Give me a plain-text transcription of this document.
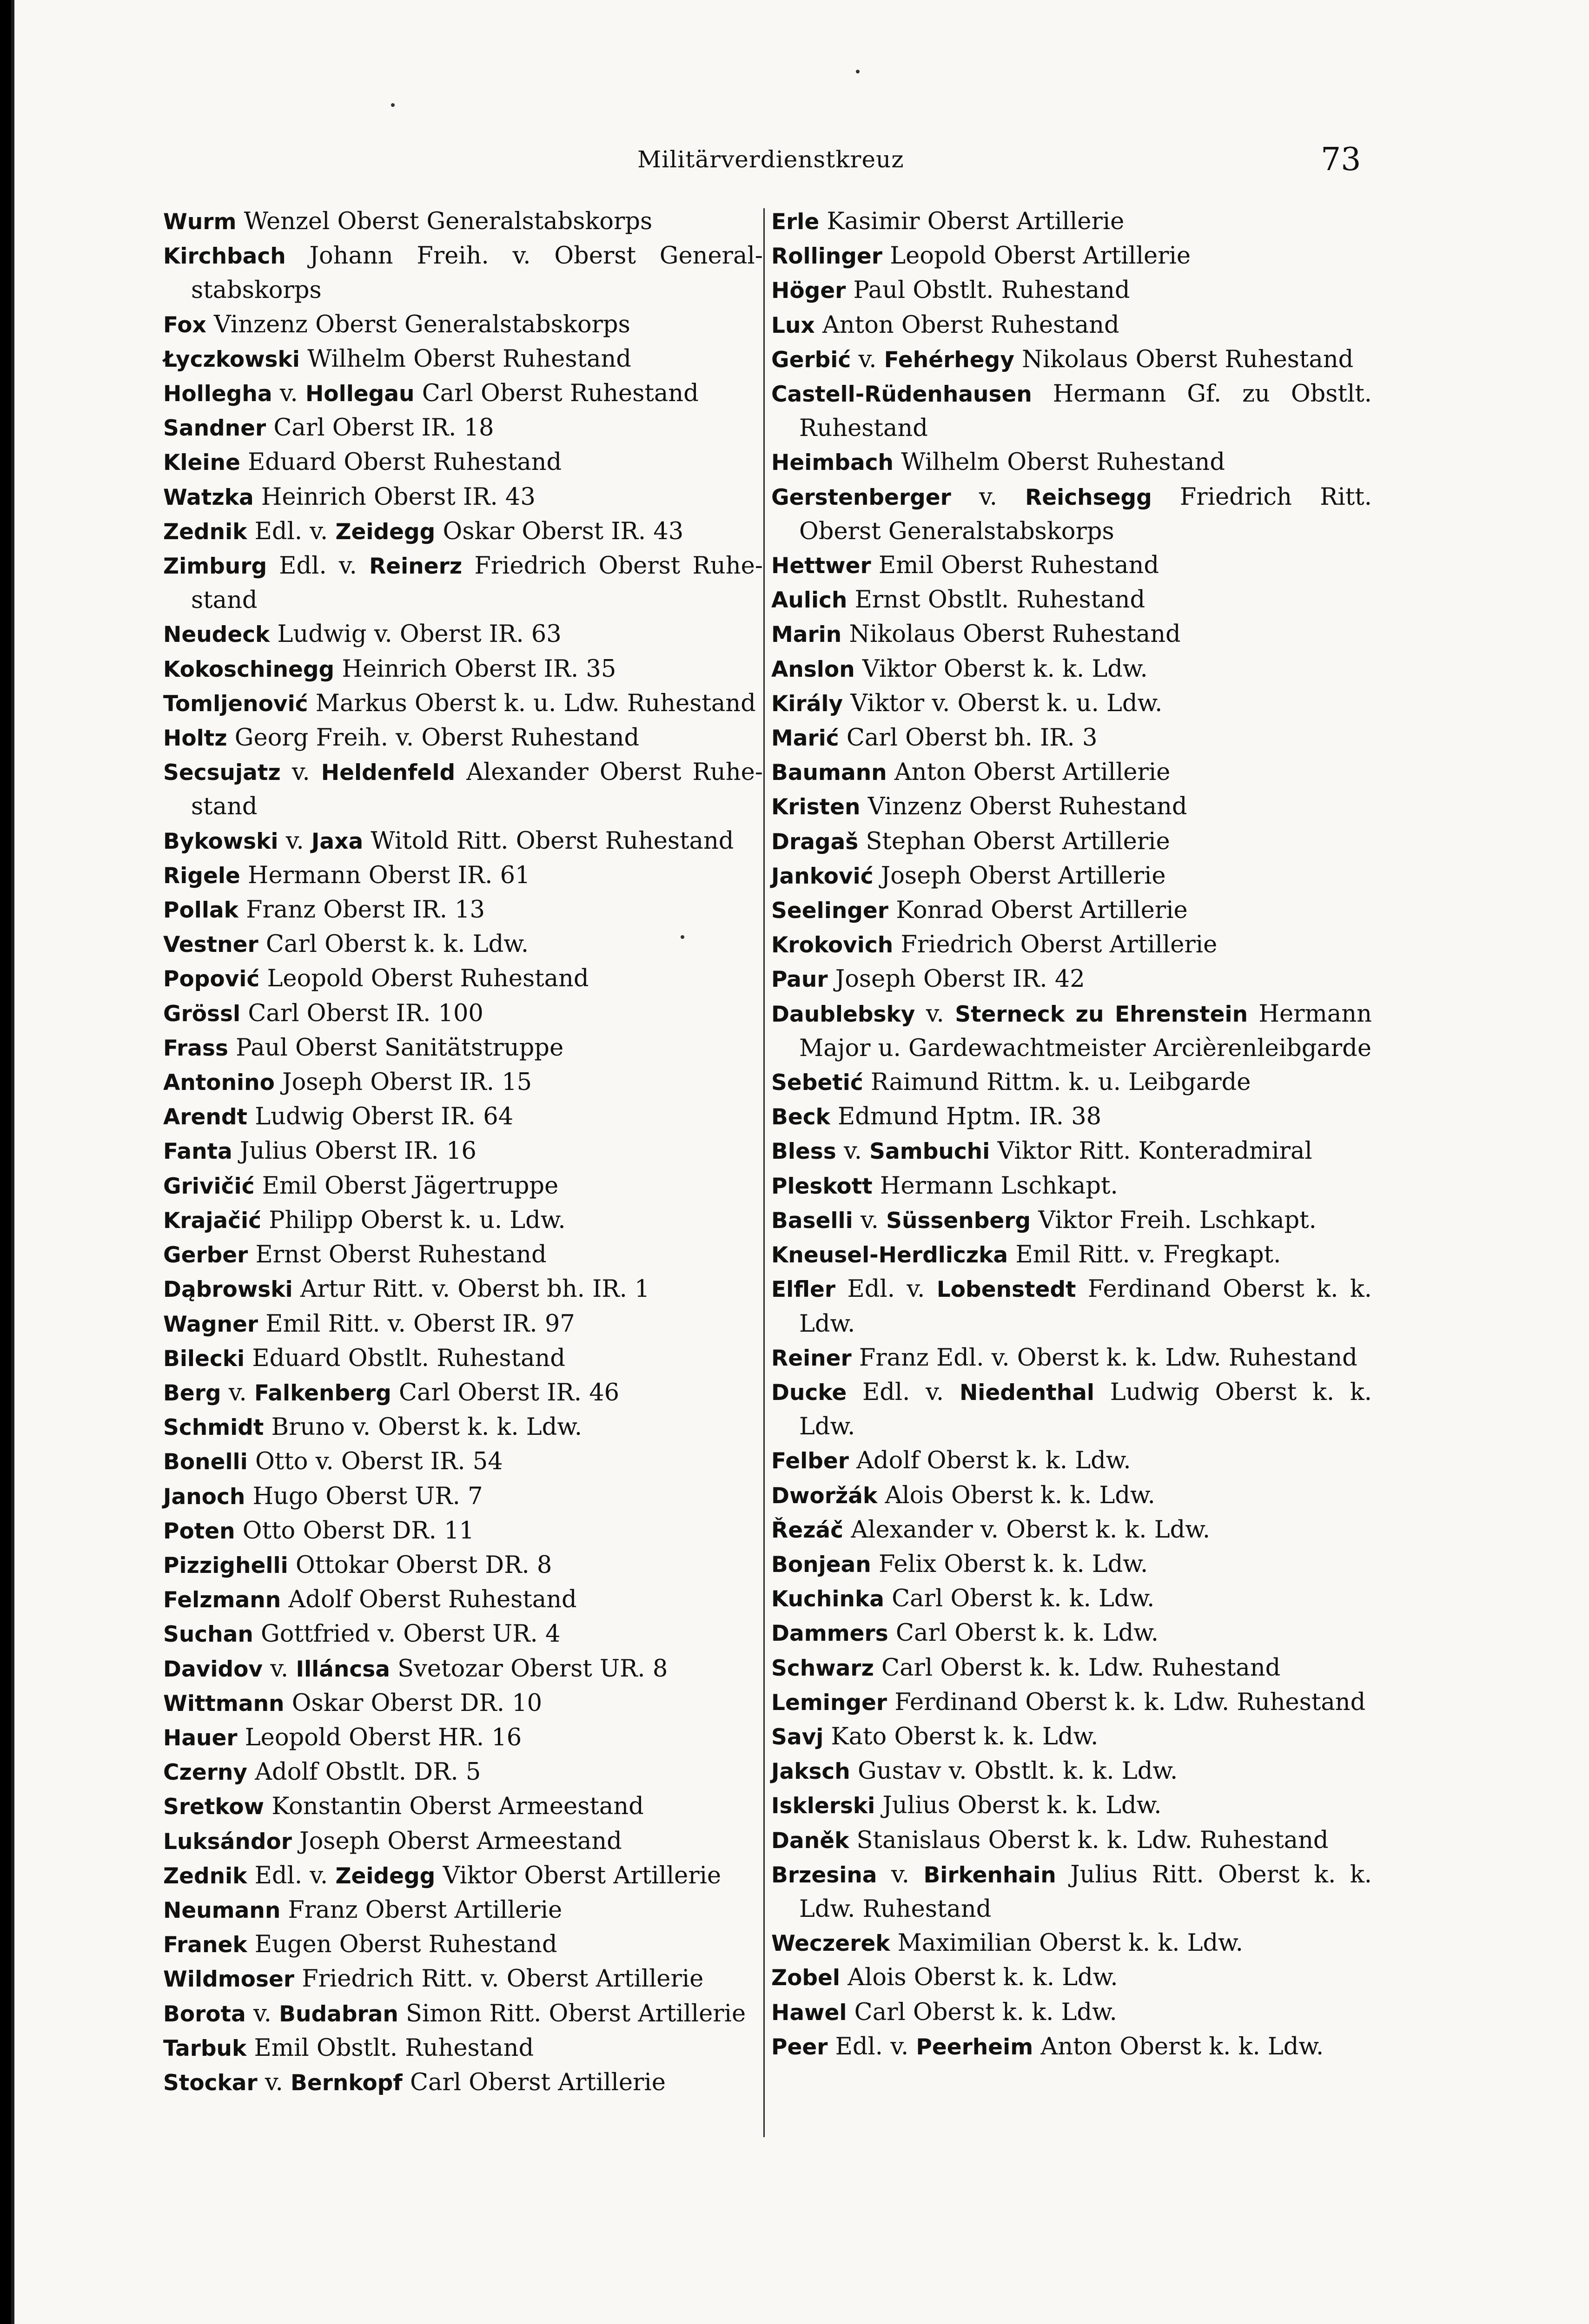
Militärverdienstkreuz	73
Wurm Wenzel Oberst Generalstabskorps
Kirchbach Johann Freih. v. Oberst Generalstabskorps
Fox Vinzenz Oberst Generalstabskorps
Łyczkowski Wilhelm Oberst Ruhestand
Hollegha v. Hollegau Carl Oberst Ruhestand
Sandner Carl Oberst IR. 18
Kleine Eduard Oberst Ruhestand
Watzka Heinrich Oberst IR. 43
Zednik Edl. v. Zeidegg Oskar Oberst IR. 43
Zimburg Edl. v. Reinerz Friedrich Oberst Ruhestand
Neudeck Ludwig v. Oberst IR. 63
Kokoschinegg Heinrich Oberst IR. 35
Tomljenović Markus Oberst k. u. Ldw. Ruhestand
Holtz Georg Freih. v. Oberst Ruhestand
Secsujatz v. Heldenfeld Alexander Oberst Ruhestand
Bykowski v. Jaxa Witold Ritt. Oberst Ruhestand
Rigele Hermann Oberst IR. 61
Pollak Franz Oberst IR. 13
Vestner Carl Oberst k. k. Ldw.
Popović Leopold Oberst Ruhestand
Grössl Carl Oberst IR. 100
Frass Paul Oberst Sanitätstruppe
Antonino Joseph Oberst IR. 15
Arendt Ludwig Oberst IR. 64
Fanta Julius Oberst IR. 16
Grivičić Emil Oberst Jägertruppe
Krajačić Philipp Oberst k. u. Ldw.
Gerber Ernst Oberst Ruhestand
Dąbrowski Artur Ritt. v. Oberst bh. IR. 1
Wagner Emil Ritt. v. Oberst IR. 97
Bilecki Eduard Obstlt. Ruhestand
Berg v. Falkenberg Carl Oberst IR. 46
Schmidt Bruno v. Oberst k. k. Ldw.
Bonelli Otto v. Oberst IR. 54
Janoch Hugo Oberst UR. 7
Poten Otto Oberst DR. 11
Pizzighelli Ottokar Oberst DR. 8
Felzmann Adolf Oberst Ruhestand
Suchan Gottfried v. Oberst UR. 4
Davidov v. Illáncsa Svetozar Oberst UR. 8
Wittmann Oskar Oberst DR. 10
Hauer Leopold Oberst HR. 16
Czerny Adolf Obstlt. DR. 5
Sretkow Konstantin Oberst Armeestand
Luksándor Joseph Oberst Armeestand
Zednik Edl. v. Zeidegg Viktor Oberst Artillerie
Neumann Franz Oberst Artillerie
Franek Eugen Oberst Ruhestand
Wildmoser Friedrich Ritt. v. Oberst Artillerie
Borota v. Budabran Simon Ritt. Oberst Artillerie
Tarbuk Emil Obstlt. Ruhestand
Stockar v. Bernkopf Carl Oberst Artillerie
Erle Kasimir Oberst Artillerie
Rollinger Leopold Oberst Artillerie
Höger Paul Obstlt. Ruhestand
Lux Anton Oberst Ruhestand
Gerbić v. Fehérhegy Nikolaus Oberst Ruhestand
Castell-Rüdenhausen Hermann Gf. zu Obstlt. Ruhestand
Heimbach Wilhelm Oberst Ruhestand
Gerstenberger v. Reichsegg Friedrich Ritt. Oberst Generalstabskorps
Hettwer Emil Oberst Ruhestand
Aulich Ernst Obstlt. Ruhestand
Marin Nikolaus Oberst Ruhestand
Anslon Viktor Oberst k. k. Ldw.
Király Viktor v. Oberst k. u. Ldw.
Marić Carl Oberst bh. IR. 3
Baumann Anton Oberst Artillerie
Kristen Vinzenz Oberst Ruhestand
Dragaš Stephan Oberst Artillerie
Janković Joseph Oberst Artillerie
Seelinger Konrad Oberst Artillerie
Krokovich Friedrich Oberst Artillerie
Paur Joseph Oberst IR. 42
Daublebsky v. Sterneck zu Ehrenstein Hermann Major u. Gardewachtmeister Arcièrenleibgarde
Sebetić Raimund Rittm. k. u. Leibgarde
Beck Edmund Hptm. IR. 38
Bless v. Sambuchi Viktor Ritt. Konteradmiral
Pleskott Hermann Lschkapt.
Baselli v. Süssenberg Viktor Freih. Lschkapt.
Kneusel-Herdliczka Emil Ritt. v. Fregkapt.
Elfler Edl. v. Lobenstedt Ferdinand Oberst k. k. Ldw.
Reiner Franz Edl. v. Oberst k. k. Ldw. Ruhestand
Ducke Edl. v. Niedenthal Ludwig Oberst k. k. Ldw.
Felber Adolf Oberst k. k. Ldw.
Dworžák Alois Oberst k. k. Ldw.
Řezáč Alexander v. Oberst k. k. Ldw.
Bonjean Felix Oberst k. k. Ldw.
Kuchinka Carl Oberst k. k. Ldw.
Dammers Carl Oberst k. k. Ldw.
Schwarz Carl Oberst k. k. Ldw. Ruhestand
Leminger Ferdinand Oberst k. k. Ldw. Ruhestand
Savj Kato Oberst k. k. Ldw.
Jaksch Gustav v. Obstlt. k. k. Ldw.
Isklerski Julius Oberst k. k. Ldw.
Daněk Stanislaus Oberst k. k. Ldw. Ruhestand
Brzesina v. Birkenhain Julius Ritt. Oberst k. k. Ldw. Ruhestand
Weczerek Maximilian Oberst k. k. Ldw.
Zobel Alois Oberst k. k. Ldw.
Hawel Carl Oberst k. k. Ldw.
Peer Edl. v. Peerheim Anton Oberst k. k. Ldw.
